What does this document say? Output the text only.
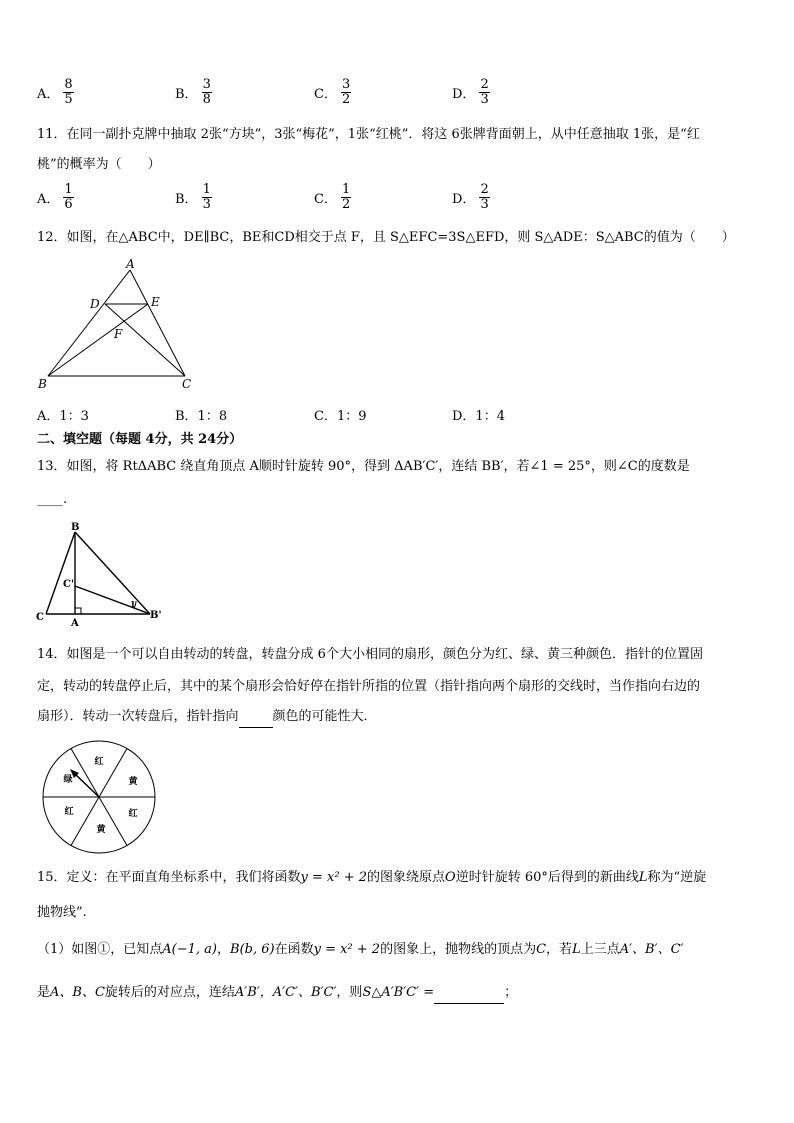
A． $\frac{8}{5}$	B． $\frac{3}{8}$	C． $\frac{3}{2}$	D． $\frac{2}{3}$
11．在同一副扑克牌中抽取 2张“方块”，3张“梅花”，1张“红桃”．将这 6张牌背面朝上，从中任意抽取 1张，是“红
桃”的概率为（　　）
A． $\frac{1}{6}$	B． $\frac{1}{3}$	C． $\frac{1}{2}$	D． $\frac{2}{3}$
12．如图，在△ABC中，DE∥BC，BE和CD相交于点 F，且 S△EFC=3S△EFD，则 S△ADE：S△ABC的值为（　　）
A
D	E
F
B	C
A．1：3	B．1：8	C．1：9	D．1：4
二、填空题（每题 4分，共 24分）
13．如图，将 RtΔABC 绕直角顶点 A顺时针旋转 90°，得到 ΔAB′C′，连结 BB′，若∠1 = 25°，则∠C的度数是
____.
B
C'
C
A
B'
1
14．如图是一个可以自由转动的转盘，转盘分成 6个大小相同的扇形，颜色分为红、绿、黄三种颜色．指针的位置固
定，转动的转盘停止后，其中的某个扇形会恰好停在指针所指的位置（指针指向两个扇形的交线时，当作指向右边的
扇形）．转动一次转盘后，指针指向	颜色的可能性大．
红
黄
红
黄
红
绿
15．定义：在平面直角坐标系中，我们将函数y = x² + 2的图象绕原点O逆时针旋转 60°后得到的新曲线L称为“逆旋
抛物线”.
（1）如图①，已知点A(−1, a)，B(b, 6)在函数y = x² + 2的图象上，抛物线的顶点为C，若L上三点A′、B′、C′
是A、B、C旋转后的对应点，连结A′B′，A′C′、B′C′，则S△A′B′C′ =	；
